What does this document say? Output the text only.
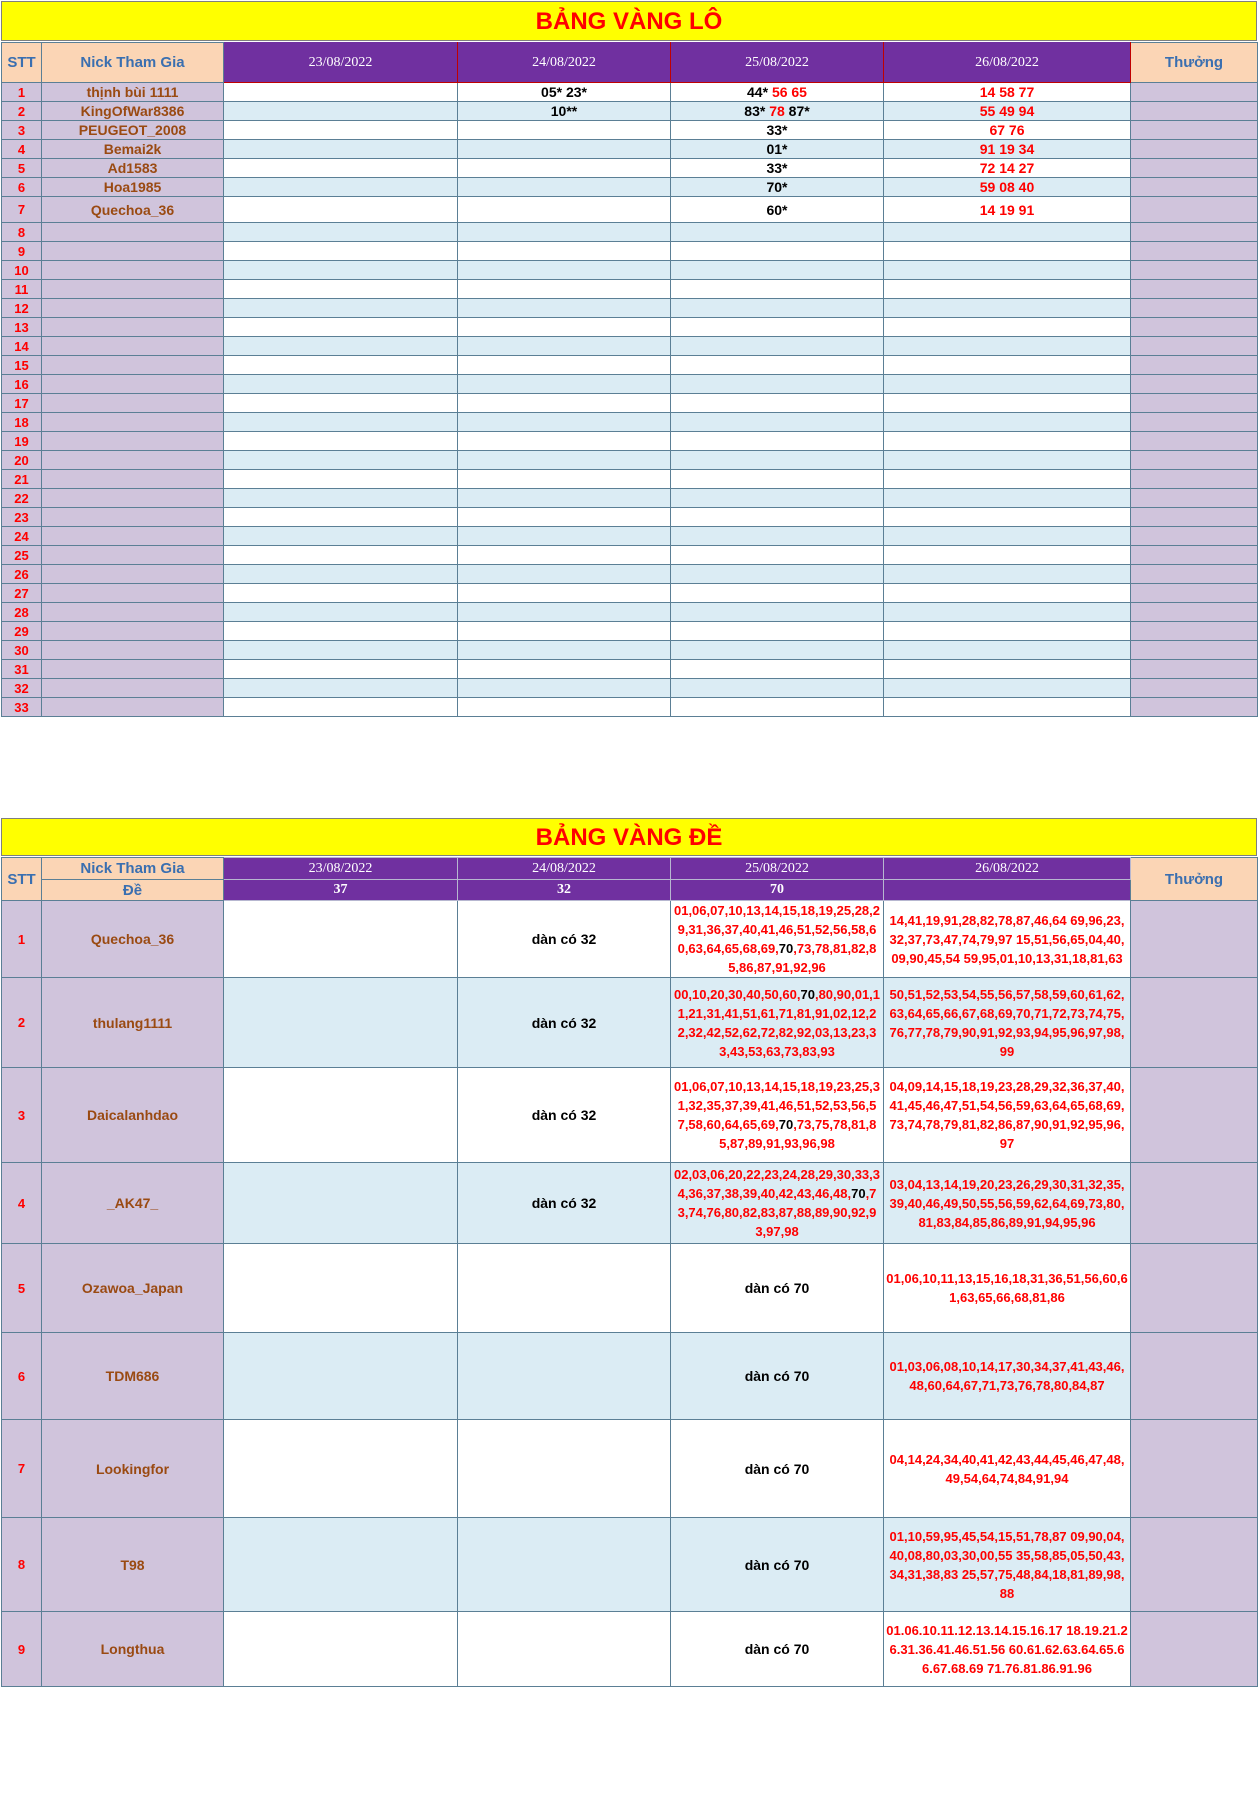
BẢNG VÀNG LÔ
STT	Nick Tham Gia	23/08/2022	24/08/2022	25/08/2022	26/08/2022	Thưởng
1	thịnh bùi 1111		05* 23*	44* 56 65	14 58 77	
2	KingOfWar8386		10**	83* 78 87*	55 49 94	
3	PEUGEOT_2008			33*	67 76	
4	Bemai2k			01*	91 19 34	
5	Ad1583			33*	72 14 27	
6	Hoa1985			70*	59 08 40	
7	Quechoa_36			60*	14 19 91	
8						
9						
10						
11						
12						
13						
14						
15						
16						
17						
18						
19						
20						
21						
22						
23						
24						
25						
26						
27						
28						
29						
30						
31						
32						
33						
BẢNG VÀNG ĐỀ
STT	Nick Tham Gia	23/08/2022	24/08/2022	25/08/2022	26/08/2022	Thưởng
	Đề	37	32	70		
1	Quechoa_36		dàn có 32	01,06,07,10,13,14,15,18,19,25,28,29,31,36,37,40,41,46,51,52,56,58,60,63,64,65,68,69,70,73,78,81,82,85,86,87,91,92,96	14,41,19,91,28,82,78,87,46,64 69,96,23,32,37,73,47,74,79,97 15,51,56,65,04,40,09,90,45,54 59,95,01,10,13,31,18,81,63	
2	thulang1111		dàn có 32	00,10,20,30,40,50,60,70,80,90,01,11,21,31,41,51,61,71,81,91,02,12,22,32,42,52,62,72,82,92,03,13,23,33,43,53,63,73,83,93	50,51,52,53,54,55,56,57,58,59,60,61,62,63,64,65,66,67,68,69,70,71,72,73,74,75,76,77,78,79,90,91,92,93,94,95,96,97,98,99	
3	Daicalanhdao		dàn có 32	01,06,07,10,13,14,15,18,19,23,25,31,32,35,37,39,41,46,51,52,53,56,57,58,60,64,65,69,70,73,75,78,81,85,87,89,91,93,96,98	04,09,14,15,18,19,23,28,29,32,36,37,40,41,45,46,47,51,54,56,59,63,64,65,68,69,73,74,78,79,81,82,86,87,90,91,92,95,96,97	
4	_AK47_		dàn có 32	02,03,06,20,22,23,24,28,29,30,33,34,36,37,38,39,40,42,43,46,48,70,73,74,76,80,82,83,87,88,89,90,92,93,97,98	03,04,13,14,19,20,23,26,29,30,31,32,35,39,40,46,49,50,55,56,59,62,64,69,73,80,81,83,84,85,86,89,91,94,95,96	
5	Ozawoa_Japan			dàn có 70	01,06,10,11,13,15,16,18,31,36,51,56,60,61,63,65,66,68,81,86	
6	TDM686			dàn có 70	01,03,06,08,10,14,17,30,34,37,41,43,46,48,60,64,67,71,73,76,78,80,84,87	
7	Lookingfor			dàn có 70	04,14,24,34,40,41,42,43,44,45,46,47,48,49,54,64,74,84,91,94	
8	T98			dàn có 70	01,10,59,95,45,54,15,51,78,87 09,90,04,40,08,80,03,30,00,55 35,58,85,05,50,43,34,31,38,83 25,57,75,48,84,18,81,89,98,88	
9	Longthua			dàn có 70	01.06.10.11.12.13.14.15.16.17 18.19.21.26.31.36.41.46.51.56 60.61.62.63.64.65.66.67.68.69 71.76.81.86.91.96	
